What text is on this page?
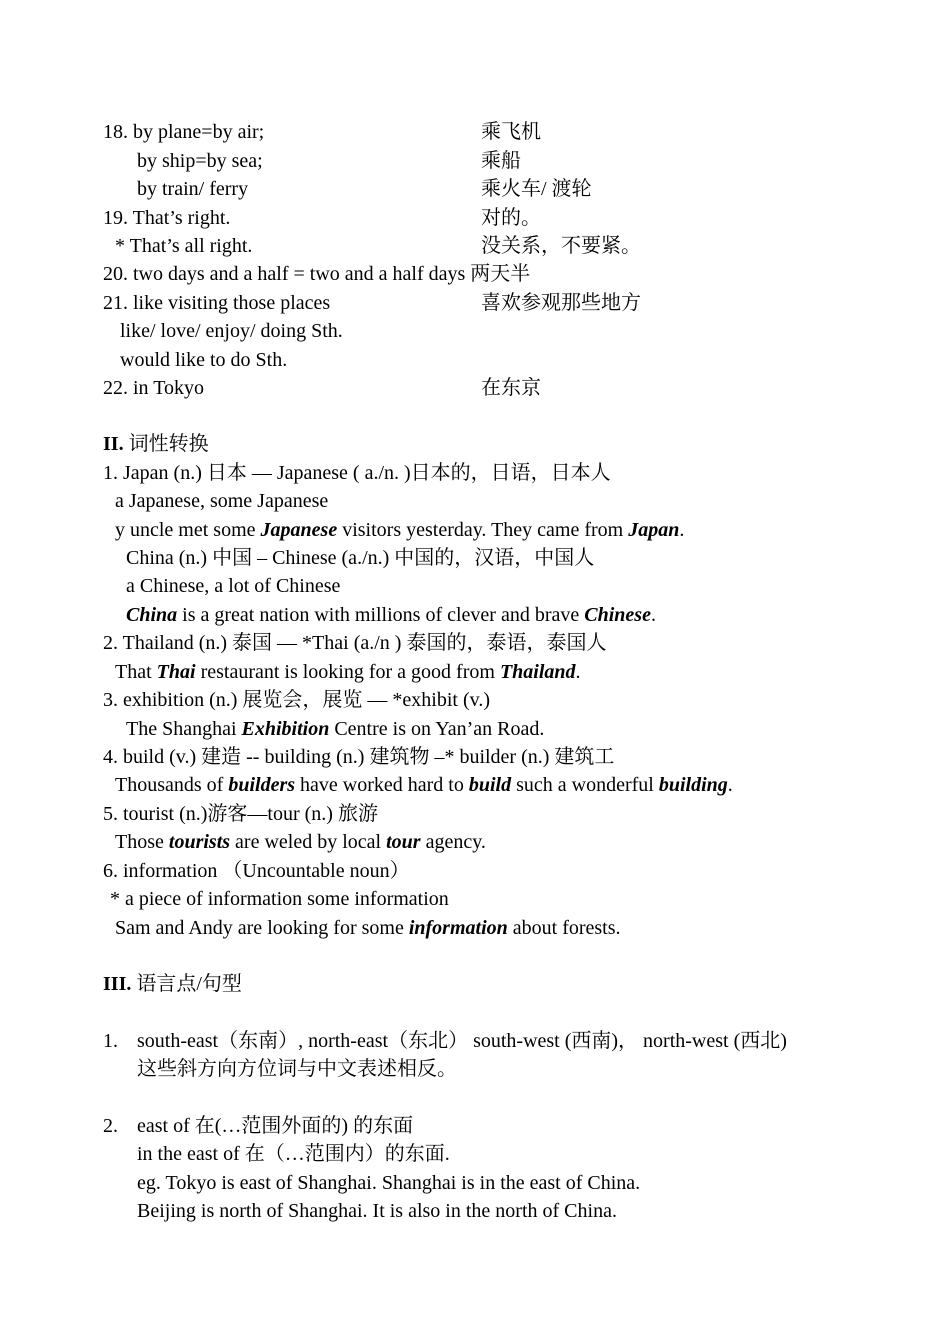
18. by plane=by air;	乘飞机
by ship=by sea;	乘船
by train/ ferry	乘火车/ 渡轮
19. That’s right.	对的。
* That’s all right.	没关系，不要紧。
20. two days and a half = two and a half days 两天半
21. like visiting those places	喜欢参观那些地方
like/ love/ enjoy/ doing Sth.
would like to do Sth.
22. in Tokyo	在东京
II. 词性转换
1. Japan (n.) 日本 — Japanese ( a./n. )日本的，日语，日本人
a Japanese, some Japanese
y uncle met some Japanese visitors yesterday. They came from Japan.
China (n.) 中国 – Chinese (a./n.) 中国的，汉语，中国人
a Chinese, a lot of Chinese
China is a great nation with millions of clever and brave Chinese.
2. Thailand (n.) 泰国 — *Thai (a./n ) 泰国的，泰语，泰国人
That Thai restaurant is looking for a good from Thailand.
3. exhibition (n.) 展览会，展览 — *exhibit (v.)
The Shanghai Exhibition Centre is on Yan’an Road.
4. build (v.) 建造 -- building (n.) 建筑物 –* builder (n.) 建筑工
Thousands of builders have worked hard to build such a wonderful building.
5. tourist (n.)游客—tour (n.) 旅游
Those tourists are weled by local tour agency.
6. information （Uncountable noun）
* a piece of information some information
Sam and Andy are looking for some information about forests.
III. 语言点/句型
1. south-east（东南）, north-east（东北） south-west (西南)， north-west (西北)
这些斜方向方位词与中文表述相反。
2. east of 在(…范围外面的) 的东面
in the east of 在（…范围内）的东面.
eg. Tokyo is east of Shanghai. Shanghai is in the east of China.
Beijing is north of Shanghai. It is also in the north of China.
